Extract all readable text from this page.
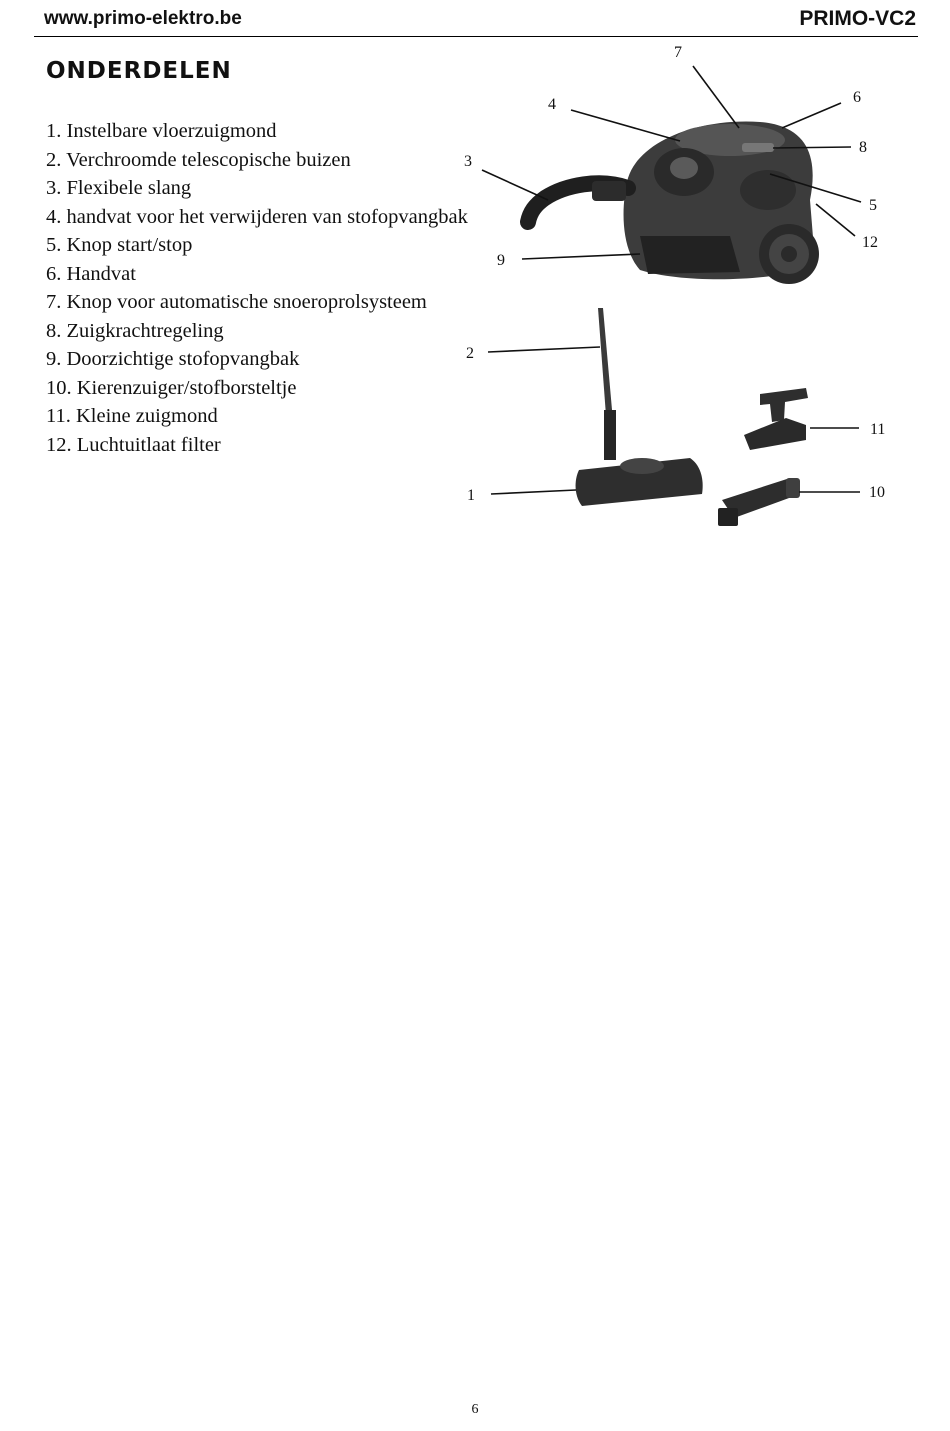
www.primo-elektro.be	PRIMO-VC2
ONDERDELEN
1. Instelbare vloerzuigmond
2. Verchroomde telescopische buizen
3. Flexibele slang
4. handvat voor het verwijderen van stofopvangbak
5. Knop start/stop
6. Handvat
7. Knop voor automatische snoeroprolsysteem
8. Zuigkrachtregeling
9. Doorzichtige stofopvangbak
10. Kierenzuiger/stofborsteltje
11. Kleine zuigmond
12. Luchtuitlaat filter
7
4	6
8
3
5
12
9
2
11
1	10
6
